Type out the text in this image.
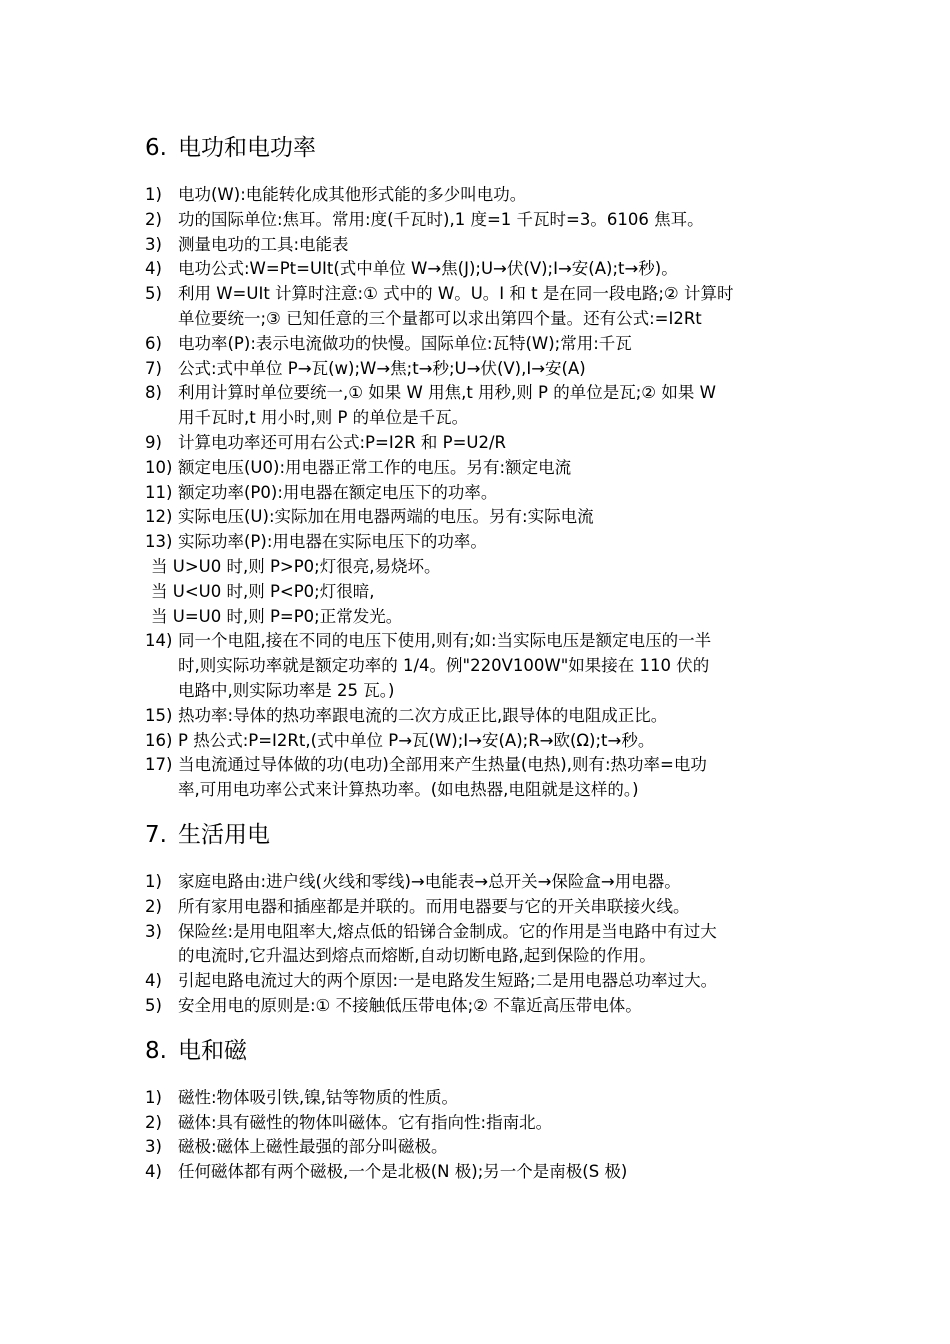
6. 电功和电功率
1) 电功(W):电能转化成其他形式能的多少叫电功。
2) 功的国际单位:焦耳。常用:度(千瓦时),1 度=1 千瓦时=3。6106 焦耳。
3) 测量电功的工具:电能表
4) 电功公式:W=Pt=UIt(式中单位 W→焦(J);U→伏(V);I→安(A);t→秒)。
5) 利用 W=UIt 计算时注意:① 式中的 W。U。I 和 t 是在同一段电路;② 计算时
单位要统一;③ 已知任意的三个量都可以求出第四个量。还有公式:=I2Rt
6) 电功率(P):表示电流做功的快慢。国际单位:瓦特(W);常用:千瓦
7) 公式:式中单位 P→瓦(w);W→焦;t→秒;U→伏(V),I→安(A)
8) 利用计算时单位要统一,① 如果 W 用焦,t 用秒,则 P 的单位是瓦;② 如果 W
用千瓦时,t 用小时,则 P 的单位是千瓦。
9) 计算电功率还可用右公式:P=I2R 和 P=U2/R
10) 额定电压(U0):用电器正常工作的电压。另有:额定电流
11) 额定功率(P0):用电器在额定电压下的功率。
12) 实际电压(U):实际加在用电器两端的电压。另有:实际电流
13) 实际功率(P):用电器在实际电压下的功率。
当 U>U0 时,则 P>P0;灯很亮,易烧坏。
当 U<U0 时,则 P<P0;灯很暗,
当 U=U0 时,则 P=P0;正常发光。
14) 同一个电阻,接在不同的电压下使用,则有;如:当实际电压是额定电压的一半
时,则实际功率就是额定功率的 1/4。例"220V100W"如果接在 110 伏的
电路中,则实际功率是 25 瓦。)
15) 热功率:导体的热功率跟电流的二次方成正比,跟导体的电阻成正比。
16) P 热公式:P=I2Rt,(式中单位 P→瓦(W);I→安(A);R→欧(Ω);t→秒。
17) 当电流通过导体做的功(电功)全部用来产生热量(电热),则有:热功率=电功
率,可用电功率公式来计算热功率。(如电热器,电阻就是这样的。)
7. 生活用电
1) 家庭电路由:进户线(火线和零线)→电能表→总开关→保险盒→用电器。
2) 所有家用电器和插座都是并联的。而用电器要与它的开关串联接火线。
3) 保险丝:是用电阻率大,熔点低的铅锑合金制成。它的作用是当电路中有过大
的电流时,它升温达到熔点而熔断,自动切断电路,起到保险的作用。
4) 引起电路电流过大的两个原因:一是电路发生短路;二是用电器总功率过大。
5) 安全用电的原则是:① 不接触低压带电体;② 不靠近高压带电体。
8. 电和磁
1) 磁性:物体吸引铁,镍,钴等物质的性质。
2) 磁体:具有磁性的物体叫磁体。它有指向性:指南北。
3) 磁极:磁体上磁性最强的部分叫磁极。
4) 任何磁体都有两个磁极,一个是北极(N 极);另一个是南极(S 极)
